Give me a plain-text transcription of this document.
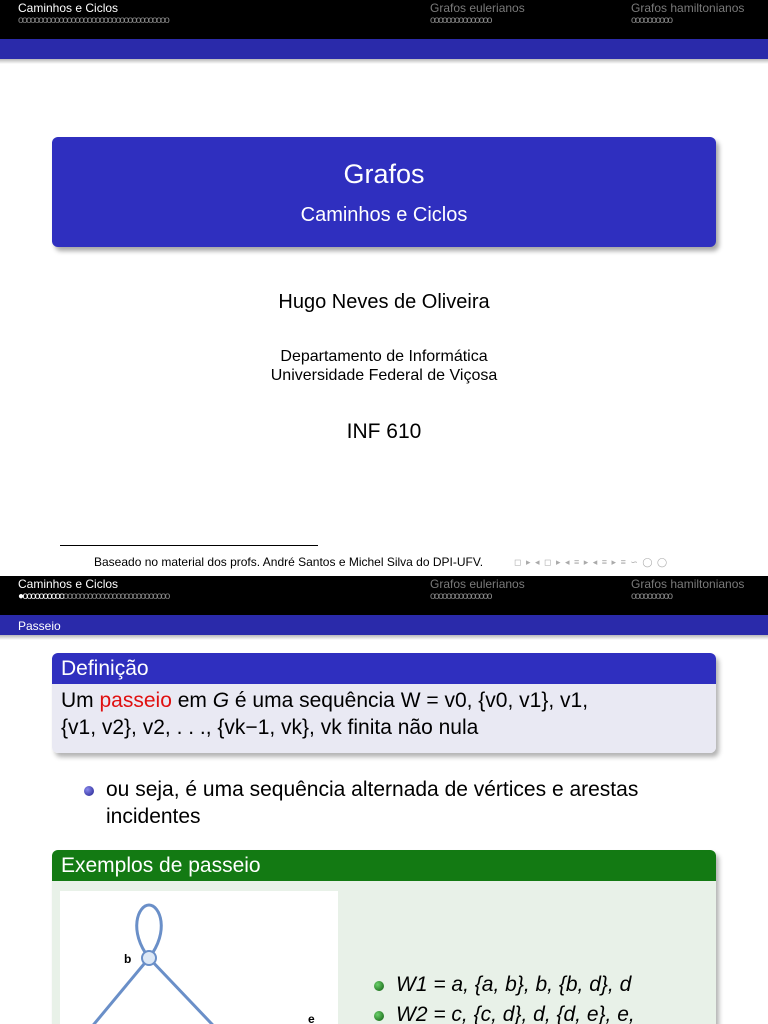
Caminhos e Ciclos	Grafos eulerianos	Grafos hamiltonianos
ooooooooooooooooooooooooooooooooooooo	ooooooooooooooo	oooooooooo
Grafos
Caminhos e Ciclos
Hugo Neves de Oliveira
Departamento de Informática
Universidade Federal de Viçosa
INF 610
Baseado no material dos profs. André Santos e Michel Silva do DPI-UFV.	◻ ▸ ◂ ◻ ▸ ◂ ≡ ▸ ◂ ≡ ▸ ≡ ∽ ◯ ◯
Caminhos e Ciclos	Grafos eulerianos	Grafos hamiltonianos
●oooooooooooooooooooooooooooooooooooo	ooooooooooooooo	oooooooooo
Passeio
Definição
Um passeio em G é uma sequência W = v0, {v0, v1}, v1,
{v1, v2}, v2, . . ., {vk−1, vk}, vk finita não nula
ou seja, é uma sequência alternada de vértices e arestas incidentes
Exemplos de passeio
b
e
W1 = a, {a, b}, b, {b, d}, d
W2 = c, {c, d}, d, {d, e}, e,
